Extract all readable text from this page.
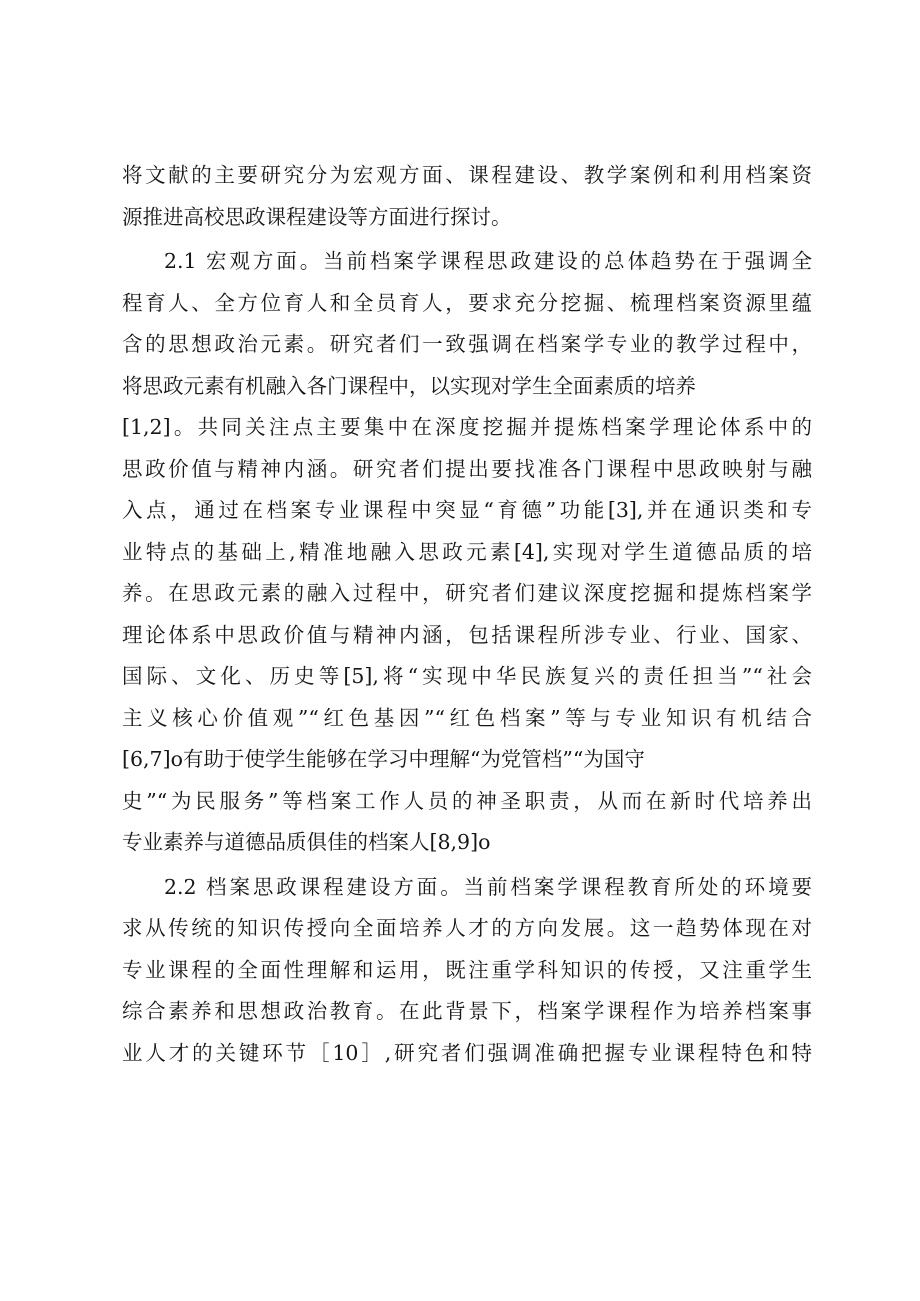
将文献的主要研究分为宏观方面、课程建设、教学案例和利用档案资
源推进高校思政课程建设等方面进行探讨。
2.1 宏观方面。当前档案学课程思政建设的总体趋势在于强调全
程育人、全方位育人和全员育人，要求充分挖掘、梳理档案资源里蕴
含的思想政治元素。研究者们一致强调在档案学专业的教学过程中，
将思政元素有机融入各门课程中，以实现对学生全面素质的培养
[1,2]。共同关注点主要集中在深度挖掘并提炼档案学理论体系中的
思政价值与精神内涵。研究者们提出要找准各门课程中思政映射与融
入点，通过在档案专业课程中突显“育德”功能[3],并在通识类和专
业特点的基础上,精准地融入思政元素[4],实现对学生道德品质的培
养。在思政元素的融入过程中，研究者们建议深度挖掘和提炼档案学
理论体系中思政价值与精神内涵，包括课程所涉专业、行业、国家、
国际、文化、历史等[5],将“实现中华民族复兴的责任担当”“社会
主义核心价值观”“红色基因”“红色档案”等与专业知识有机结合
[6,7]o有助于使学生能够在学习中理解“为党管档”“为国守
史”“为民服务”等档案工作人员的神圣职责，从而在新时代培养出
专业素养与道德品质俱佳的档案人[8,9]o
2.2 档案思政课程建设方面。当前档案学课程教育所处的环境要
求从传统的知识传授向全面培养人才的方向发展。这一趋势体现在对
专业课程的全面性理解和运用，既注重学科知识的传授，又注重学生
综合素养和思想政治教育。在此背景下，档案学课程作为培养档案事
业人才的关键环节［10］,研究者们强调准确把握专业课程特色和特
